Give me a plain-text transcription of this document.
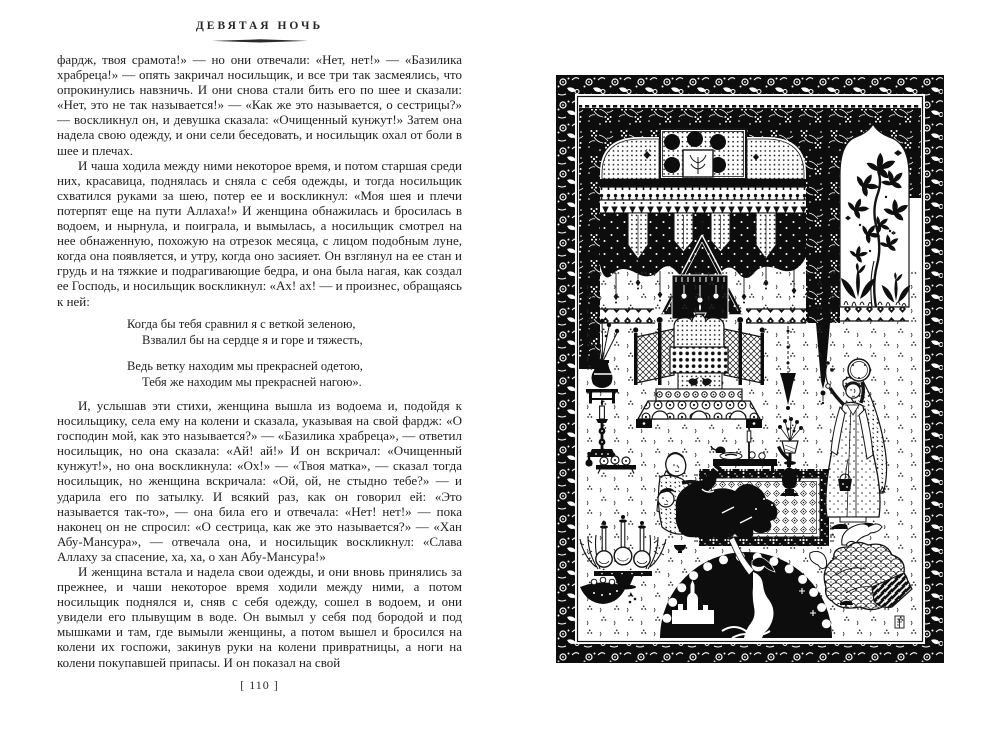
ДЕВЯТАЯ НОЧЬ

фардж, твоя срамота!» — но они отвечали: «Нет, нет!» — «Базилика храбреца!» — опять закричал носильщик, и все три так засмеялись, что опрокинулись навзничь. И они снова стали бить его по шее и сказали: «Нет, это не так называется!» — «Как же это называется, о сестрицы?» — воскликнул он, и девушка сказала: «Очищенный кунжут!» Затем она надела свою одежду, и они сели беседовать, и носильщик охал от боли в шее и плечах.

И чаша ходила между ними некоторое время, и потом старшая среди них, красавица, поднялась и сняла с себя одежды, и тогда носильщик схватился руками за шею, потер ее и воскликнул: «Моя шея и плечи потерпят еще на пути Аллаха!» И женщина обнажилась и бросилась в водоем, и нырнула, и поиграла, и вымылась, а носильщик смотрел на нее обнаженную, похожую на отрезок месяца, с лицом подобным луне, когда она появляется, и утру, когда оно засияет. Он взглянул на ее стан и грудь и на тяжкие и подрагивающие бедра, и она была нагая, как создал ее Господь, и носильщик воскликнул: «Ах! ах! — и произнес, обращаясь к ней:

Когда бы тебя сравнил я с веткой зеленою,
Взвалил бы на сердце я и горе и тяжесть,
Ведь ветку находим мы прекрасней одетою,
Тебя же находим мы прекрасней нагою».

И, услышав эти стихи, женщина вышла из водоема и, подойдя к носильщику, села ему на колени и сказала, указывая на свой фардж: «О господин мой, как это называется?» — «Базилика храбреца», — ответил носильщик, но она сказала: «Ай! ай!» И он вскричал: «Очищенный кунжут!», но она воскликнула: «Ох!» — «Твоя матка», — сказал тогда носильщик, но женщина вскричала: «Ой, ой, не стыдно тебе?» — и ударила его по затылку. И всякий раз, как он говорил ей: «Это называется так-то», — она била его и отвечала: «Нет! нет!» — пока наконец он не спросил: «О сестрица, как же это называется?» — «Хан Абу-Мансура», — отвечала она, и носильщик воскликнул: «Слава Аллаху за спасение, ха, ха, о хан Абу-Мансура!»

И женщина встала и надела свои одежды, и они вновь принялись за прежнее, и чаши некоторое время ходили между ними, а потом носильщик поднялся и, сняв с себя одежду, сошел в водоем, и они увидели его плывущим в воде. Он вымыл у себя под бородой и под мышками и там, где вымыли женщины, а потом вышел и бросился на колени их госпожи, закинув руки на колени привратницы, а ноги на колени покупавшей припасы. И он показал на свой

[ 110 ]
